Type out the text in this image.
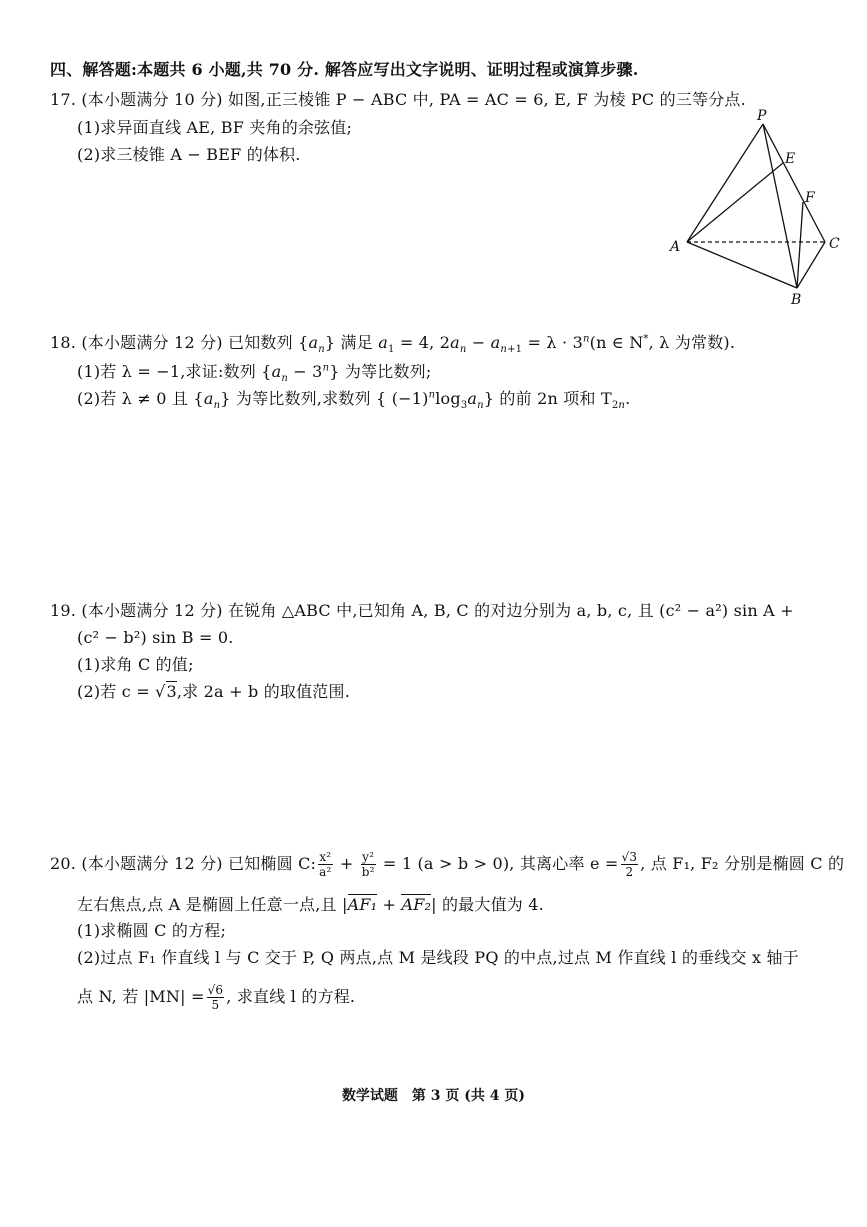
四、解答题:本题共 6 小题,共 70 分. 解答应写出文字说明、证明过程或演算步骤.
17. (本小题满分 10 分) 如图,正三棱锥 P − ABC 中, PA = AC = 6, E, F 为棱 PC 的三等分点.
(1)求异面直线 AE, BF 夹角的余弦值;
(2)求三棱锥 A − BEF 的体积.
P
E
F
A
B
C
18. (本小题满分 12 分) 已知数列 $\{a_n\}$ 满足 $a_1 = 4$, $2a_n - a_{n+1} = \lambda \cdot 3^n(n$ ∈ N*, λ 为常数).
(1)若 λ = −1,求证:数列 $\{a_n - 3^n\}$ 为等比数列;
(2)若 λ ≠ 0 且 $\{a_n\}$ 为等比数列,求数列 { $(-1)^n\log_3a_n$} 的前 2n 项和 $T_{2n}$.
19. (本小题满分 12 分) 在锐角 △ABC 中,已知角 A, B, C 的对边分别为 a, b, c, 且 (c² − a²) sin A +
(c² − b²) sin B = 0.
(1)求角 C 的值;
(2)若 c = √3,求 2a + b 的取值范围.
20. (本小题满分 12 分) 已知椭圆 C: $\frac{\text{x²}}{\text{a²}} + \frac{\text{y²}}{\text{b²}} = 1$ (a > b > 0), 其离心率 $e = \frac{√3}{2}$ , 点 F₁, F₂ 分别是椭圆 C 的
左右焦点,点 A 是椭圆上任意一点,且 |AF₁ + AF₂| 的最大值为 4.
(1)求椭圆 C 的方程;
(2)过点 F₁ 作直线 l 与 C 交于 P, Q 两点,点 M 是线段 PQ 的中点,过点 M 作直线 l 的垂线交 x 轴于
点 N, 若 $|MN| = \frac{√6}{5}$ , 求直线 l 的方程.
数学试题　第 3 页 (共 4 页)
